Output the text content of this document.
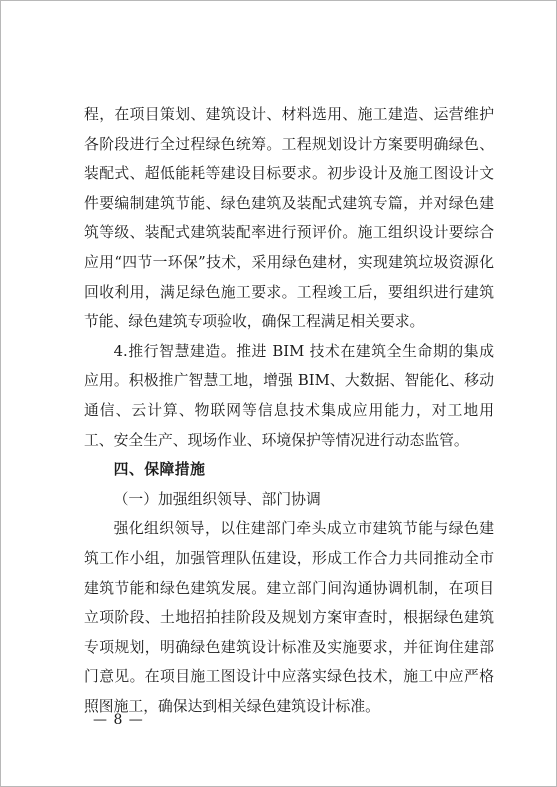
程，在项目策划、建筑设计、材料选用、施工建造、运营维护各阶段进行全过程绿色统筹。工程规划设计方案要明确绿色、装配式、超低能耗等建设目标要求。初步设计及施工图设计文件要编制建筑节能、绿色建筑及装配式建筑专篇，并对绿色建筑等级、装配式建筑装配率进行预评价。施工组织设计要综合应用“四节一环保”技术，采用绿色建材，实现建筑垃圾资源化回收利用，满足绿色施工要求。工程竣工后，要组织进行建筑节能、绿色建筑专项验收，确保工程满足相关要求。

4.推行智慧建造。推进 BIM 技术在建筑全生命期的集成应用。积极推广智慧工地，增强 BIM、大数据、智能化、移动通信、云计算、物联网等信息技术集成应用能力，对工地用工、安全生产、现场作业、环境保护等情况进行动态监管。

四、保障措施

（一）加强组织领导、部门协调

强化组织领导，以住建部门牵头成立市建筑节能与绿色建筑工作小组，加强管理队伍建设，形成工作合力共同推动全市建筑节能和绿色建筑发展。建立部门间沟通协调机制，在项目立项阶段、土地招拍挂阶段及规划方案审查时，根据绿色建筑专项规划，明确绿色建筑设计标准及实施要求，并征询住建部门意见。在项目施工图设计中应落实绿色技术，施工中应严格照图施工，确保达到相关绿色建筑设计标准。

— 8 —
